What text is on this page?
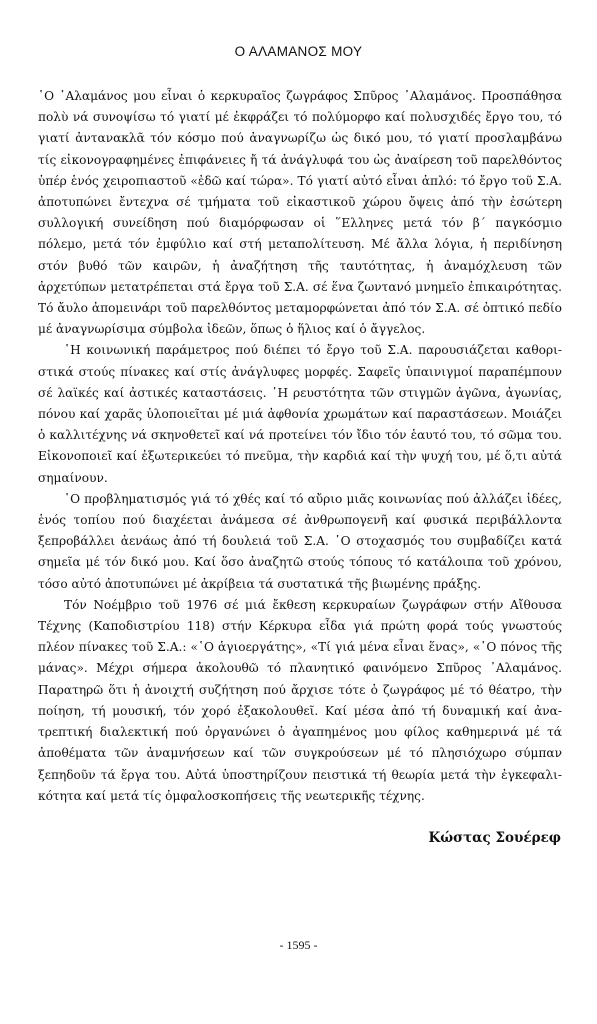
Ο ΑΛΑΜΑΝΟΣ ΜΟΥ

῾Ο ᾽Αλαμάνος μου εἶναι ὁ κερκυραῖος ζωγράφος Σπῦρος ᾽Αλαμάνος. Προσπάθησα πολὺ νά συνοψίσω τό γιατί μέ ἐκφράζει τό πολύμορφο καί πολυσχιδές ἔργο του, τό γιατί ἀντανακλᾶ τόν κόσμο πού ἀναγνωρίζω ὡς δικό μου, τό γιατί προσλαμβάνω τίς εἰκονογραφημένες ἐπιφάνειες ἤ τά ἀνάγλυφά του ὡς ἀναίρεση τοῦ παρελθόντος ὑπέρ ἑνός χειροπιαστοῦ «ἐδῶ καί τώρα». Τό γιατί αὐτό εἶναι ἁπλό: τό ἔργο τοῦ Σ.Α. ἀποτυπώνει ἔντεχνα σέ τμήματα τοῦ εἰκαστικοῦ χώρου ὄψεις ἀπό τὴν ἐσώτερη συλλογική συνείδηση πού διαμόρφωσαν οἱ ῞Ελληνες μετά τόν β΄ παγκόσμιο πόλεμο, μετά τόν ἐμφύλιο καί στή μεταπολίτευση. Μέ ἄλλα λόγια, ἡ περιδίνηση στόν βυθό τῶν καιρῶν, ἡ ἀναζήτηση τῆς ταυτότητας, ἡ ἀναμόχλευση τῶν ἀρχετύπων μετατρέπεται στά ἔργα τοῦ Σ.Α. σέ ἕνα ζωντανό μνημεῖο ἐπικαιρότητας. Τό ἄυλο ἀπομεινάρι τοῦ παρελθόντος μεταμορφώνεται ἀπό τόν Σ.Α. σέ ὀπτικό πεδίο μέ ἀναγνωρίσιμα σύμβολα ἰδεῶν, ὅπως ὁ ἥλιος καί ὁ ἄγγελος.

῾Η κοινωνική παράμετρος πού διέπει τό ἔργο τοῦ Σ.Α. παρουσιάζεται καθοριστικά στούς πίνακες καί στίς ἀνάγλυφες μορφές. Σαφεῖς ὑπαινιγμοί παραπέμπουν σέ λαϊκές καί ἀστικές καταστάσεις. ῾Η ρευστότητα τῶν στιγμῶν ἀγῶνα, ἀγωνίας, πόνου καί χαρᾶς ὑλοποιεῖται μέ μιά ἀφθονία χρωμάτων καί παραστάσεων. Μοιάζει ὁ καλλιτέχνης νά σκηνοθετεῖ καί νά προτείνει τόν ἴδιο τόν ἑαυτό του, τό σῶμα του. Εἰκονοποιεῖ καί ἐξωτερικεύει τό πνεῦμα, τὴν καρδιά καί τὴν ψυχή του, μέ ὅ,τι αὐτά σημαίνουν.

῾Ο προβληματισμός γιά τό χθές καί τό αὔριο μιᾶς κοινωνίας πού ἀλλάζει ἰδέες, ἑνός τοπίου πού διαχέεται ἀνάμεσα σέ ἀνθρωπογενῆ καί φυσικά περιβάλλοντα ξεπροβάλλει ἀενάως ἀπό τή δουλειά τοῦ Σ.Α. ῾Ο στοχασμός του συμβαδίζει κατά σημεῖα μέ τόν δικό μου. Καί ὅσο ἀναζητῶ στούς τόπους τό κατάλοιπα τοῦ χρόνου, τόσο αὐτό ἀποτυπώνει μέ ἀκρίβεια τά συστατικά τῆς βιωμένης πράξης.

Τόν Νοέμβριο τοῦ 1976 σέ μιά ἔκθεση κερκυραίων ζωγράφων στήν Αἴθουσα Τέχνης (Καποδιστρίου 118) στήν Κέρκυρα εἶδα γιά πρώτη φορά τούς γνωστούς πλέον πίνακες τοῦ Σ.Α.: «῾Ο ἁγιοεργάτης», «Τί γιά μένα εἶναι ἕνας», «῾Ο πόνος τῆς μάνας». Μέχρι σήμερα ἀκολουθῶ τό πλανητικό φαινόμενο Σπῦρος ᾽Αλαμάνος. Παρατηρῶ ὅτι ἡ ἀνοιχτή συζήτηση πού ἄρχισε τότε ὁ ζωγράφος μέ τό θέατρο, τὴν ποίηση, τή μουσική, τόν χορό ἐξακολουθεῖ. Καί μέσα ἀπό τή δυναμική καί ἀνατρεπτική διαλεκτική πού ὀργανώνει ὁ ἀγαπημένος μου φίλος καθημερινά μέ τά ἀποθέματα τῶν ἀναμνήσεων καί τῶν συγκρούσεων μέ τό πλησιόχωρο σύμπαν ξεπηδοῦν τά ἔργα του. Αὐτά ὑποστηρίζουν πειστικά τή θεωρία μετά τὴν ἐγκεφαλικότητα καί μετά τίς ὀμφαλοσκοπήσεις τῆς νεωτερικῆς τέχνης.

Κώστας Σουέρεφ
- 1595 -
